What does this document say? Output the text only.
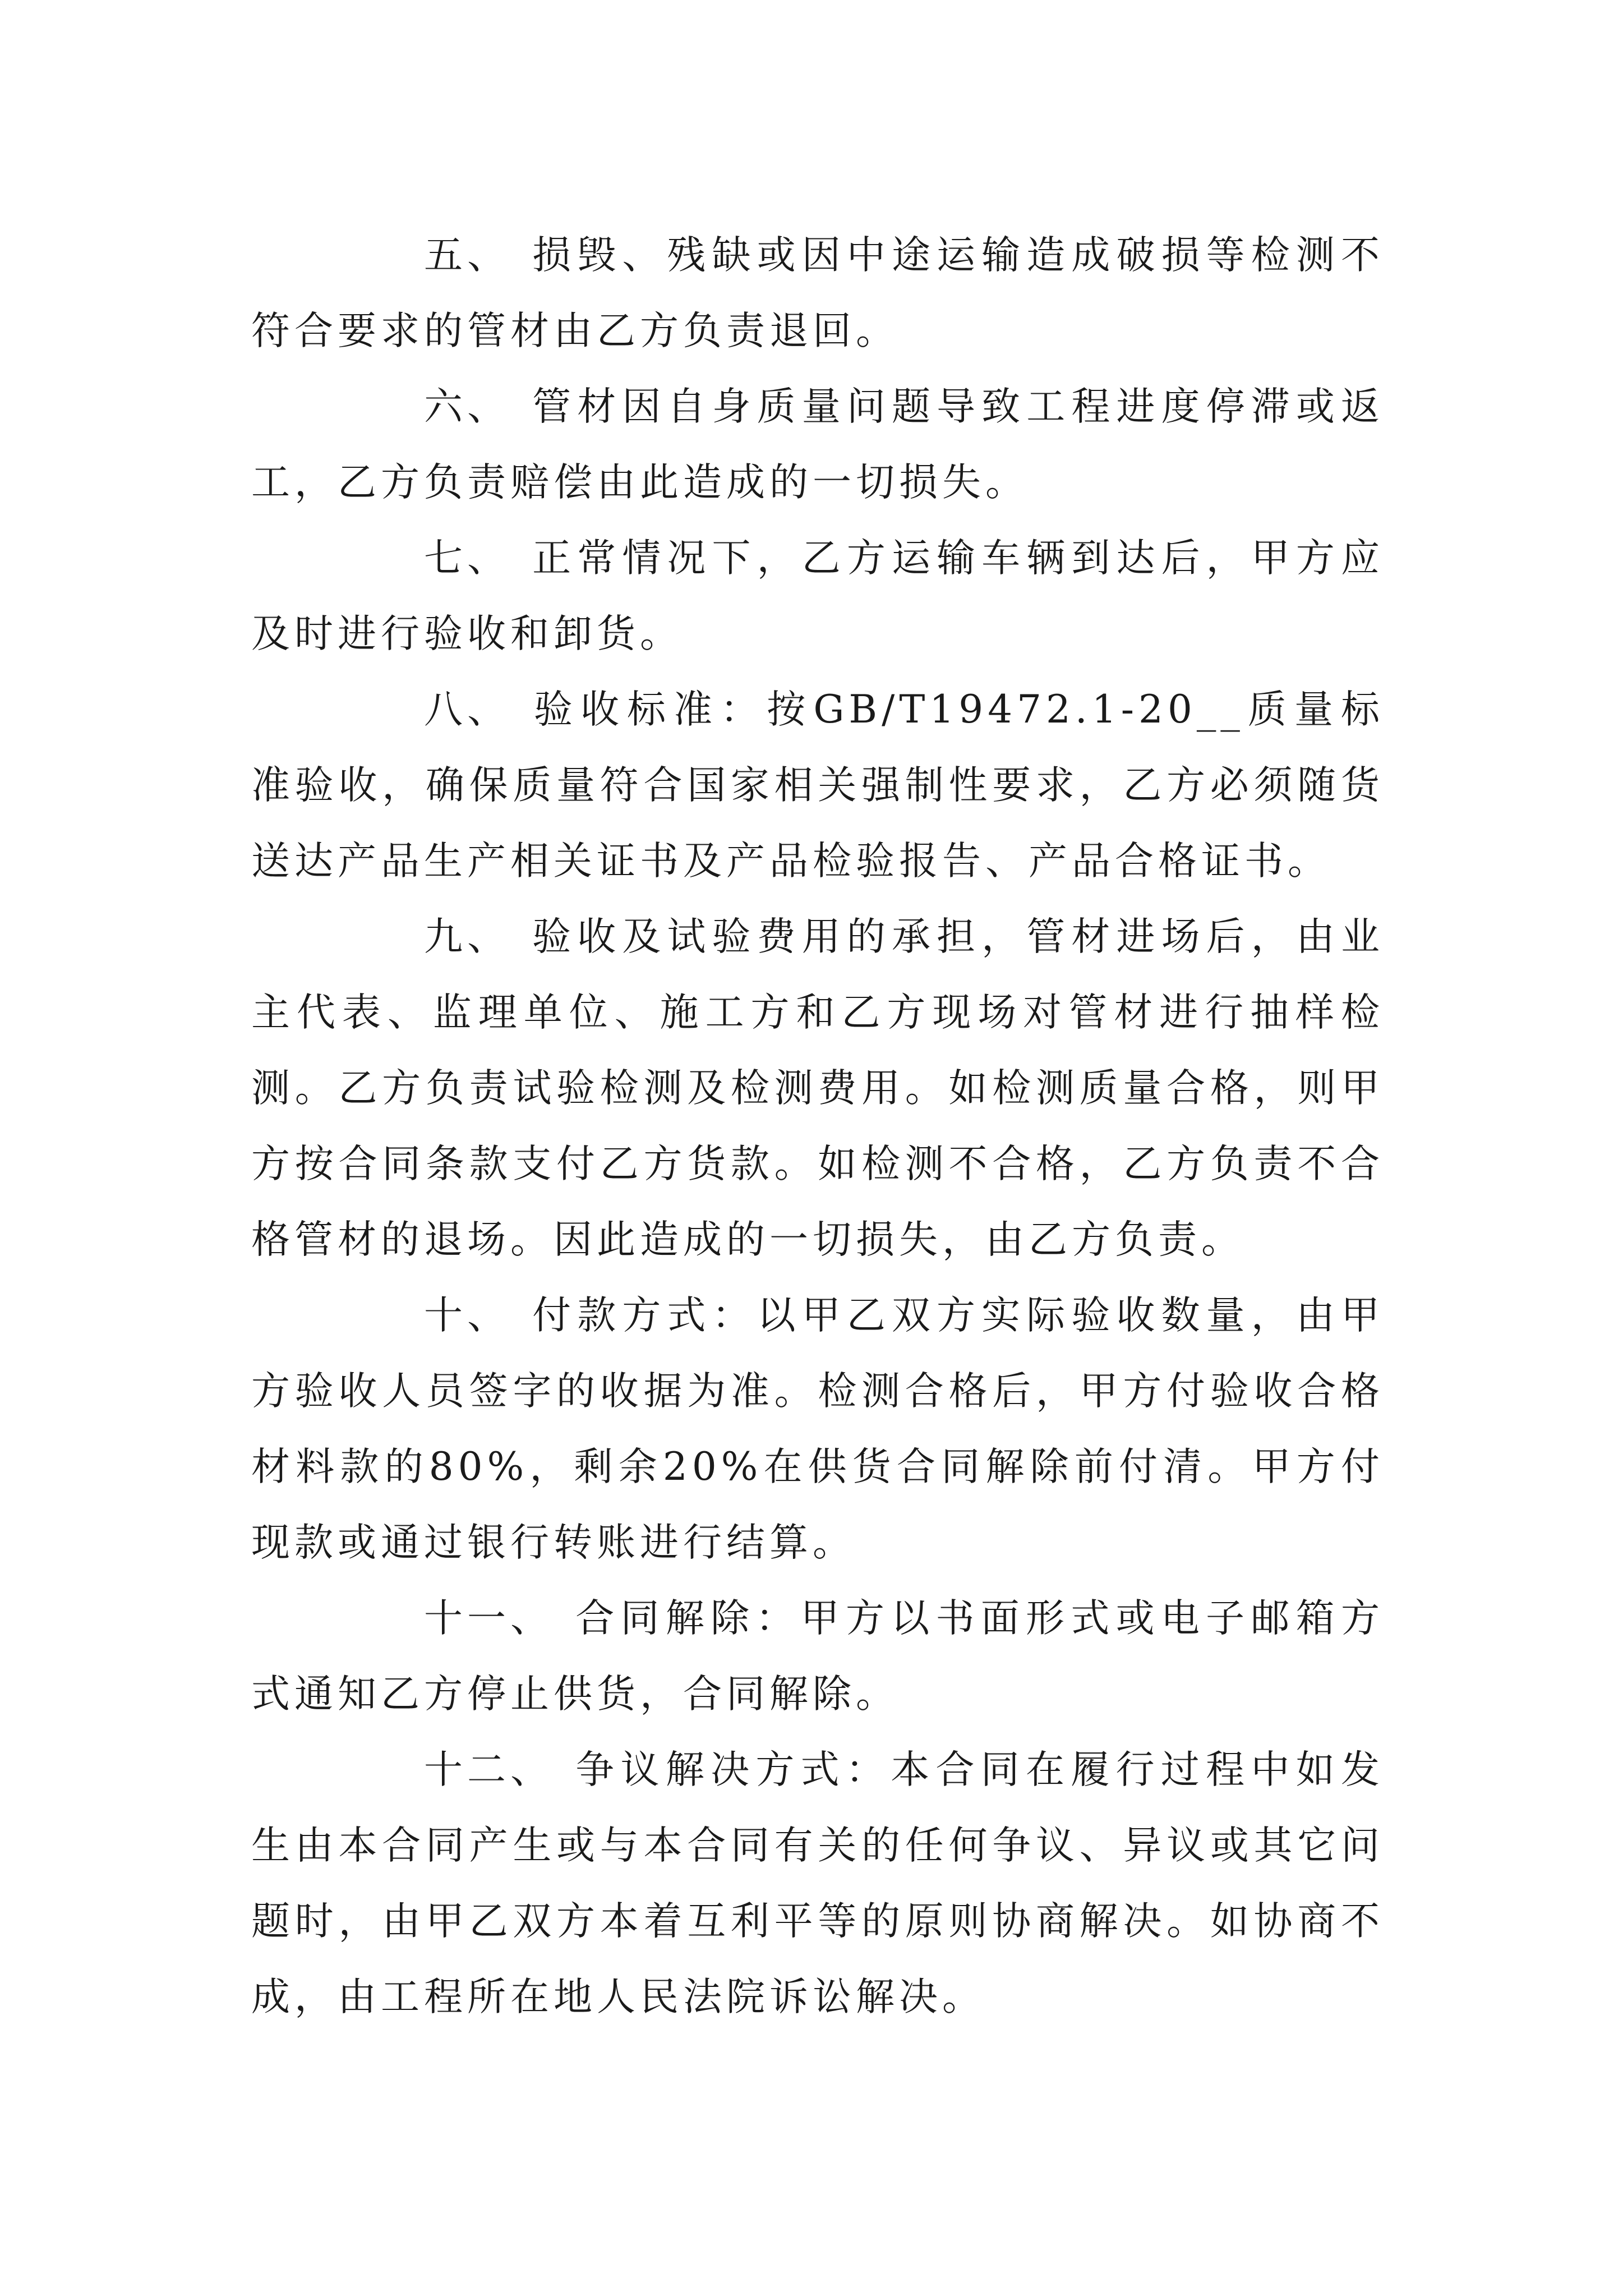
五、 损毁、残缺或因中途运输造成破损等检测不符合要求的管材由乙方负责退回。

六、 管材因自身质量问题导致工程进度停滞或返工，乙方负责赔偿由此造成的一切损失。

七、 正常情况下，乙方运输车辆到达后，甲方应及时进行验收和卸货。

八、 验收标准：按GB/T19472.1-20__质量标准验收，确保质量符合国家相关强制性要求，乙方必须随货送达产品生产相关证书及产品检验报告、产品合格证书。

九、 验收及试验费用的承担，管材进场后，由业主代表、监理单位、施工方和乙方现场对管材进行抽样检测。乙方负责试验检测及检测费用。如检测质量合格，则甲方按合同条款支付乙方货款。如检测不合格，乙方负责不合格管材的退场。因此造成的一切损失，由乙方负责。

十、 付款方式：以甲乙双方实际验收数量，由甲方验收人员签字的收据为准。检测合格后，甲方付验收合格材料款的80%，剩余20%在供货合同解除前付清。甲方付现款或通过银行转账进行结算。

十一、 合同解除：甲方以书面形式或电子邮箱方式通知乙方停止供货，合同解除。

十二、 争议解决方式：本合同在履行过程中如发生由本合同产生或与本合同有关的任何争议、异议或其它问题时，由甲乙双方本着互利平等的原则协商解决。如协商不成，由工程所在地人民法院诉讼解决。
